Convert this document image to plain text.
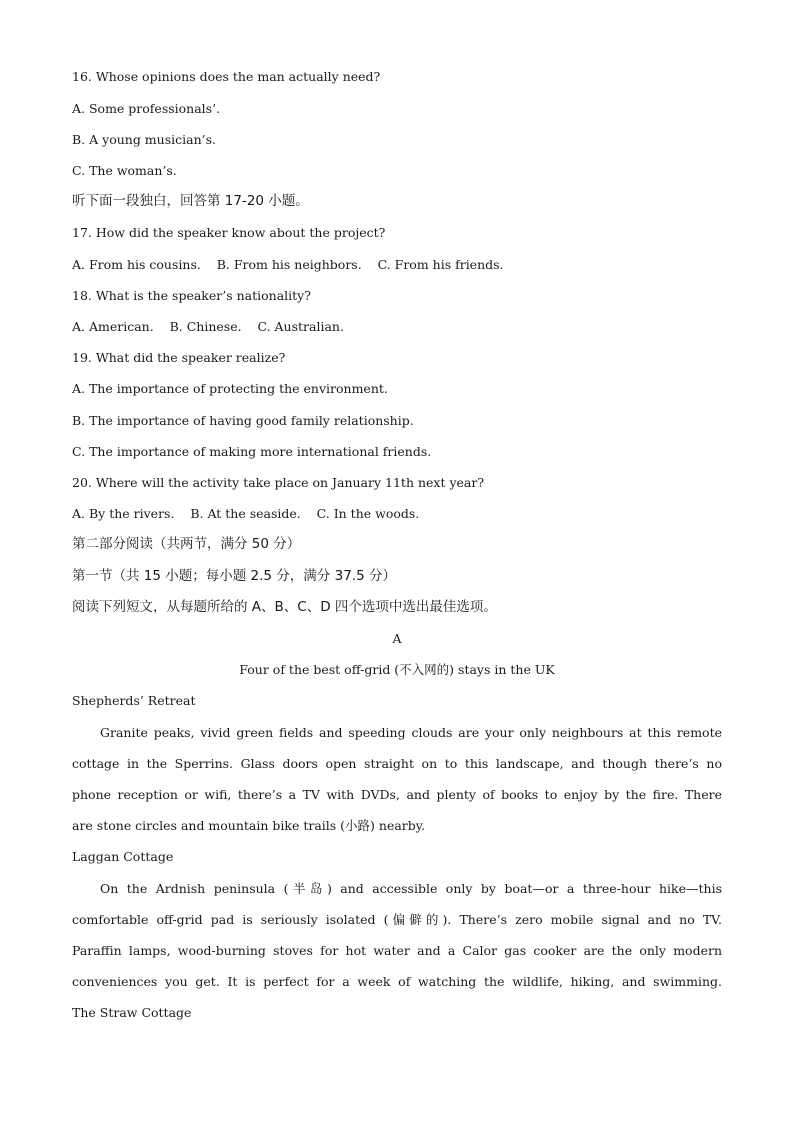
16. Whose opinions does the man actually need?
A. Some professionals’.
B. A young musician’s.
C. The woman’s.
听下面一段独白，回答第 17-20 小题。
17. How did the speaker know about the project?
A. From his cousins.    B. From his neighbors.    C. From his friends.
18. What is the speaker’s nationality?
A. American.    B. Chinese.    C. Australian.
19. What did the speaker realize?
A. The importance of protecting the environment.
B. The importance of having good family relationship.
C. The importance of making more international friends.
20. Where will the activity take place on January 11th next year?
A. By the rivers.    B. At the seaside.    C. In the woods.
第二部分阅读（共两节，满分 50 分）
第一节（共 15 小题；每小题 2.5 分，满分 37.5 分）
阅读下列短文，从每题所给的 A、B、C、D 四个选项中选出最佳选项。
A
Four of the best off-grid (不入网的) stays in the UK
Shepherds’ Retreat
Granite peaks, vivid green fields and speeding clouds are your only neighbours at this remote
cottage in the Sperrins. Glass doors open straight on to this landscape, and though there’s no
phone reception or wifi, there’s a TV with DVDs, and plenty of books to enjoy by the fire. There
are stone circles and mountain bike trails (小路) nearby.
Laggan Cottage
On the Ardnish peninsula (半岛) and accessible only by boat—or a three-hour hike—this
comfortable off-grid pad is seriously isolated (偏僻的). There’s zero mobile signal and no TV.
Paraffin lamps, wood-burning stoves for hot water and a Calor gas cooker are the only modern
conveniences you get. It is perfect for a week of watching the wildlife, hiking, and swimming.
The Straw Cottage
